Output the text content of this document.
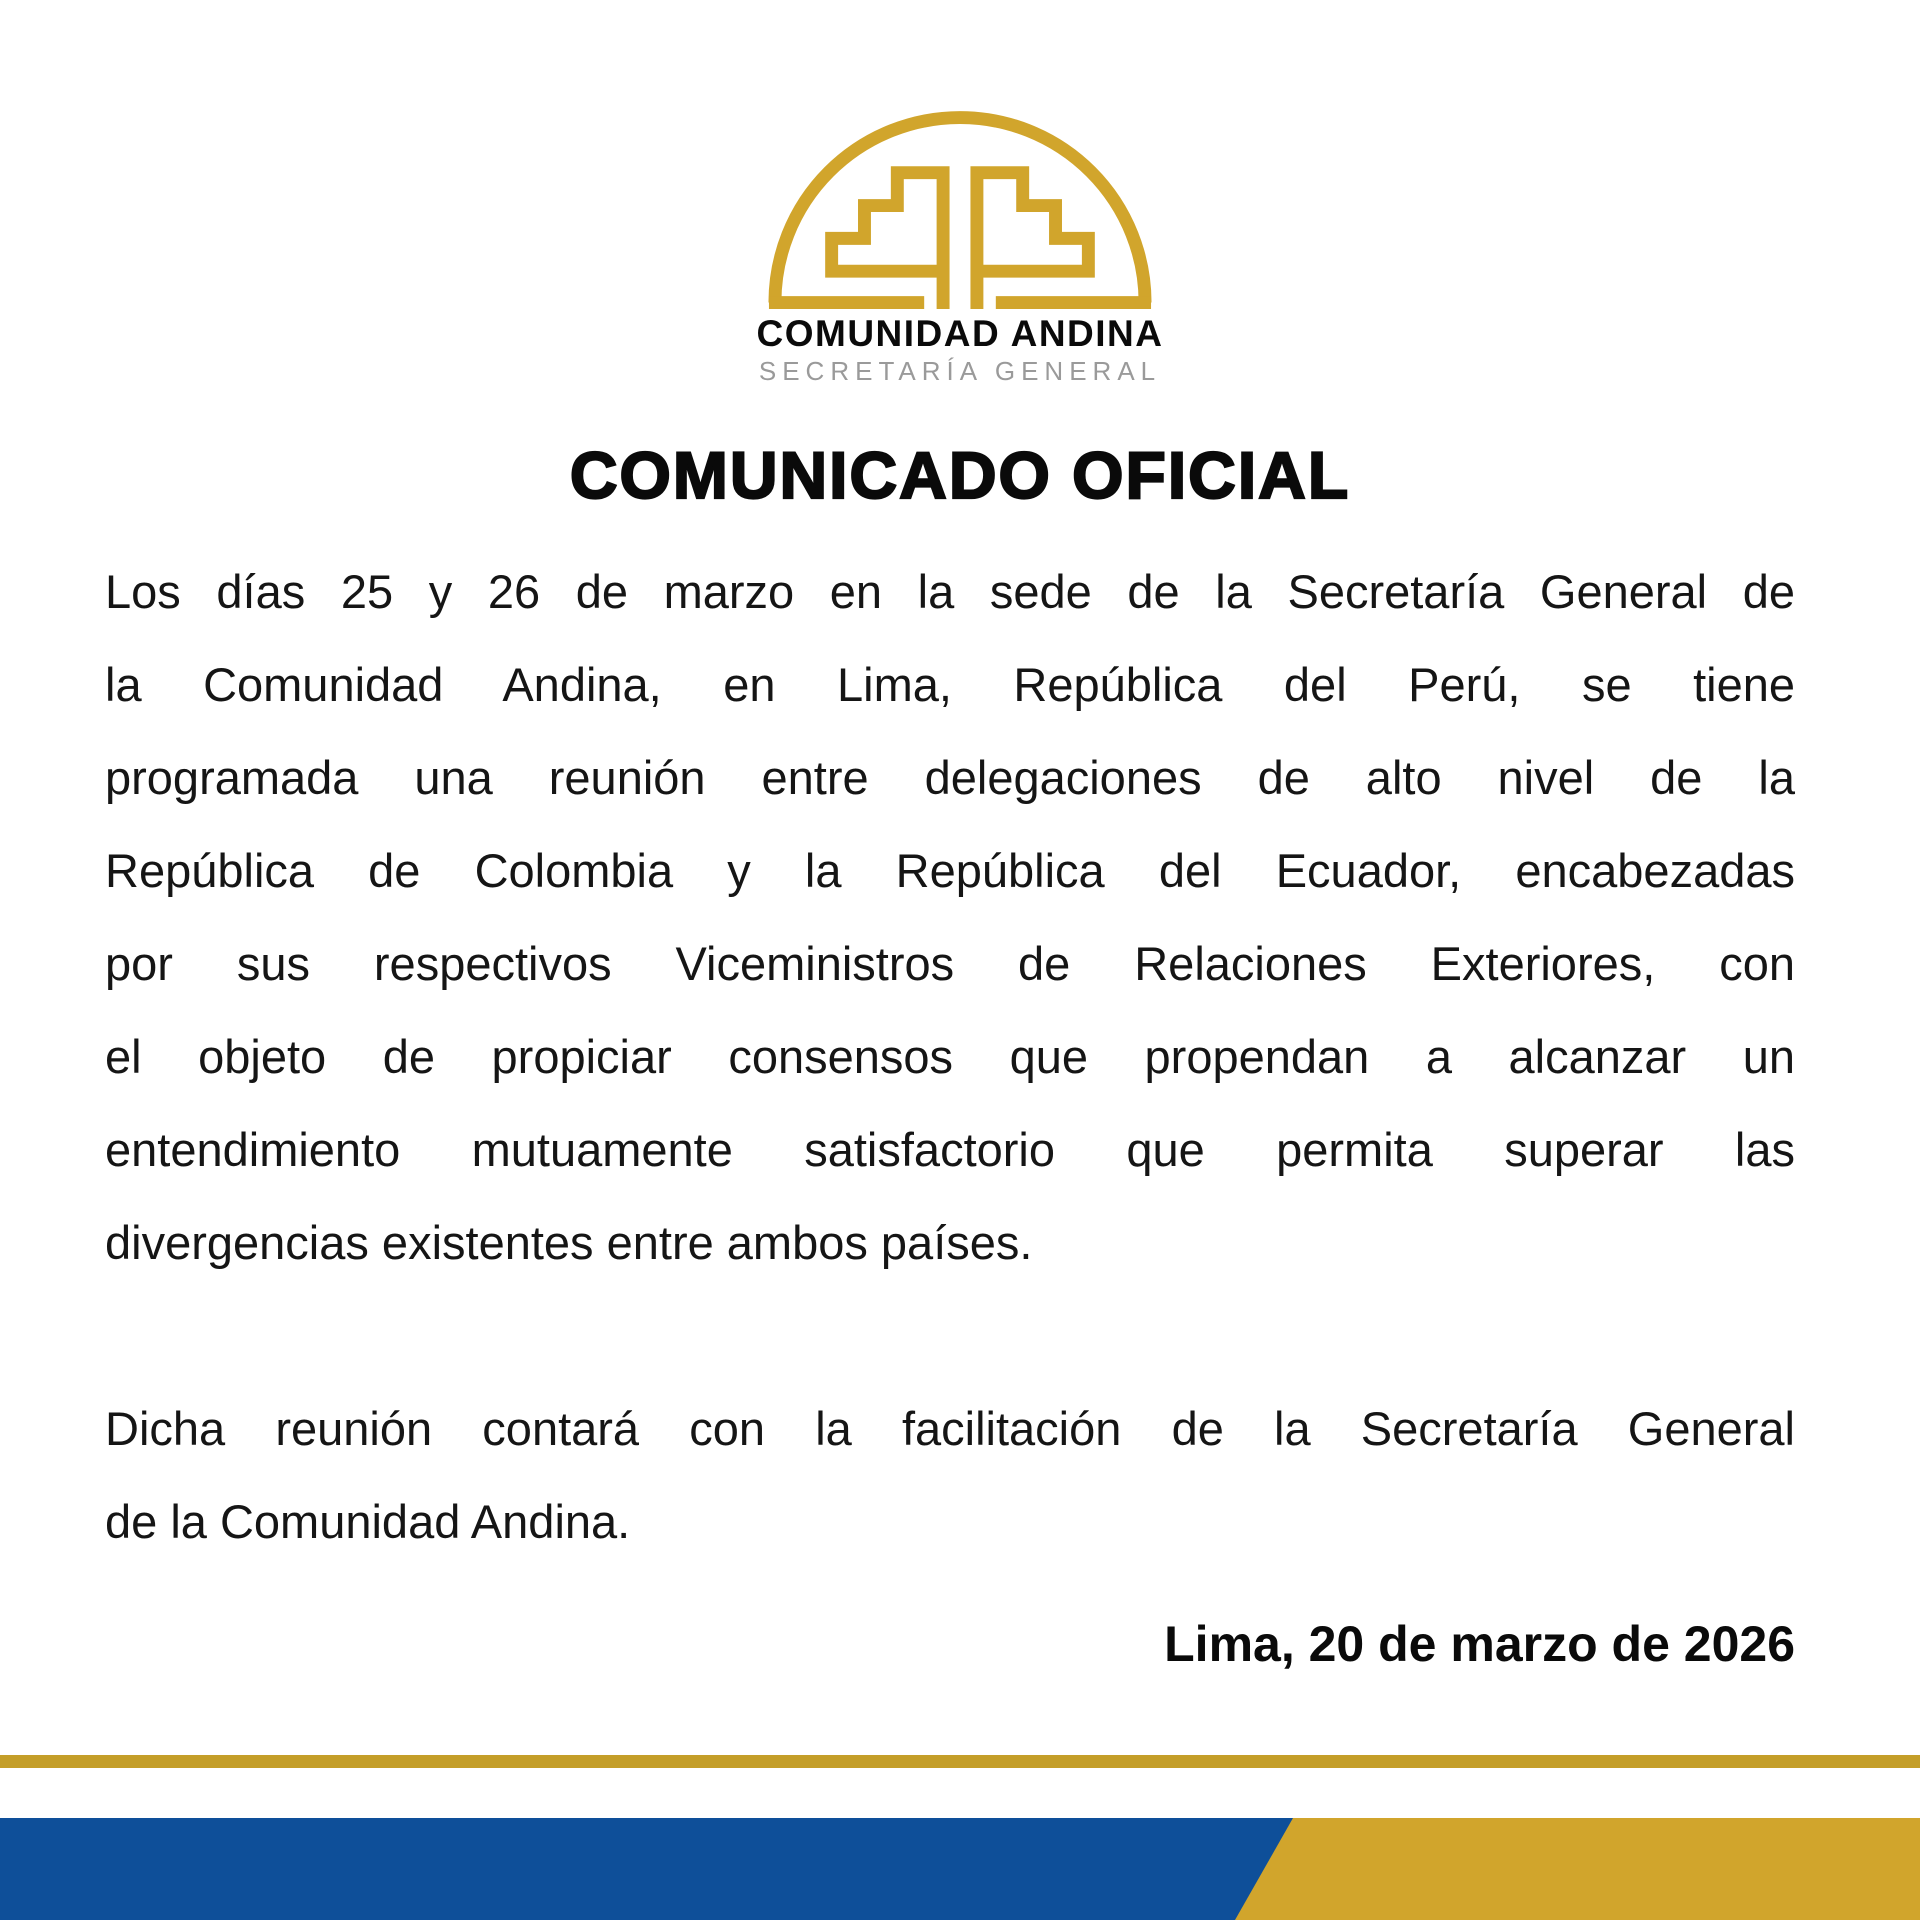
COMUNIDAD ANDINA
SECRETARÍA GENERAL
COMUNICADO OFICIAL
Los días 25 y 26 de marzo en la sede de la Secretaría General de
la Comunidad Andina, en Lima, República del Perú, se tiene
programada una reunión entre delegaciones de alto nivel de la
República de Colombia y la República del Ecuador, encabezadas
por sus respectivos Viceministros de Relaciones Exteriores, con
el objeto de propiciar consensos que propendan a alcanzar un
entendimiento mutuamente satisfactorio que permita superar las
divergencias existentes entre ambos países.
Dicha reunión contará con la facilitación de la Secretaría General
de la Comunidad Andina.
Lima, 20 de marzo de 2026
